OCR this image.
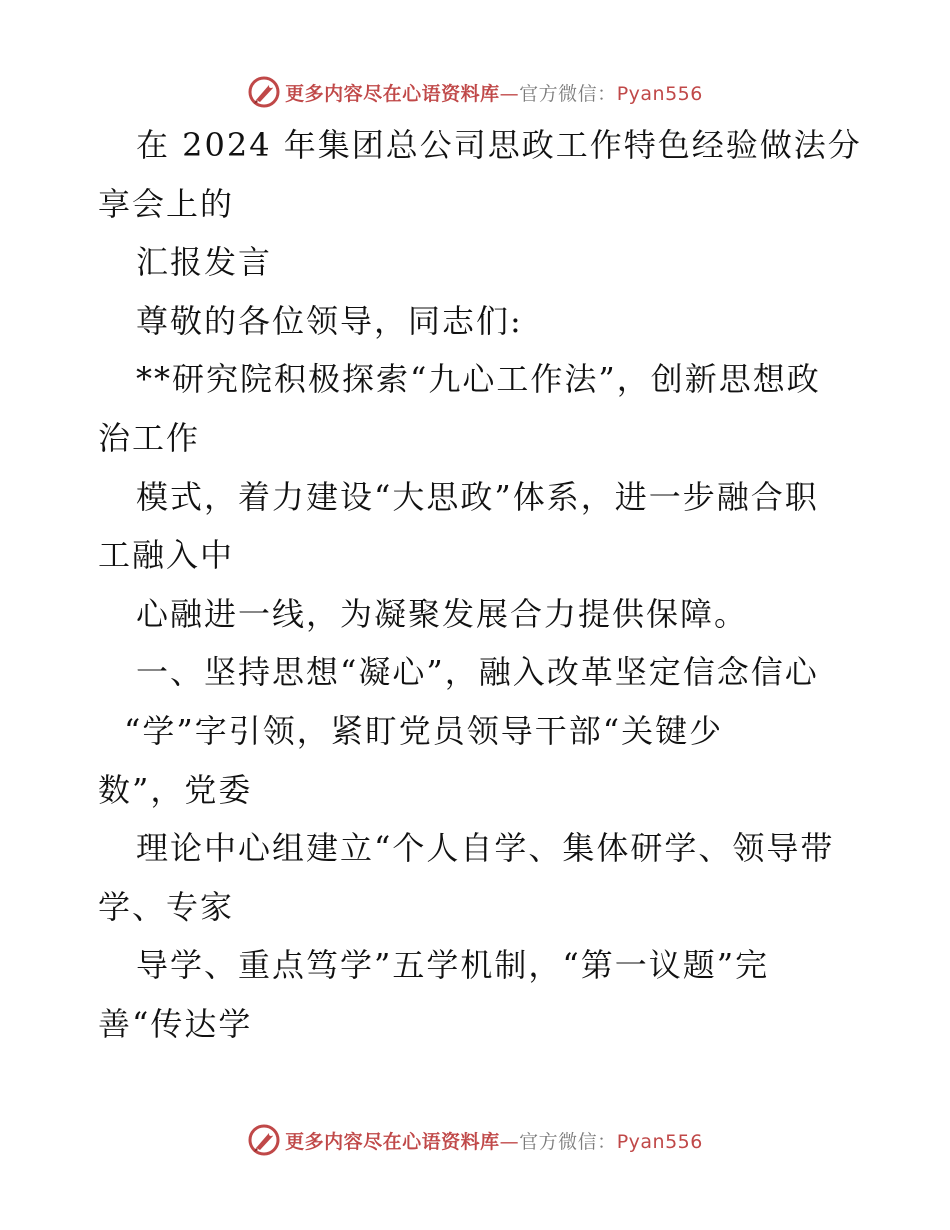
更多内容尽在心语资料库—官方微信：Pyan556
在 2024 年集团总公司思政工作特色经验做法分
享会上的
汇报发言
尊敬的各位领导，同志们:
**研究院积极探索“九心工作法”，创新思想政
治工作
模式，着力建设“大思政”体系，进一步融合职
工融入中
心融进一线，为凝聚发展合力提供保障。
一、坚持思想“凝心”，融入改革坚定信念信心
“学”字引领，紧盯党员领导干部“关键少
数”，党委
理论中心组建立“个人自学、集体研学、领导带
学、专家
导学、重点笃学”五学机制，“第一议题”完
善“传达学
更多内容尽在心语资料库—官方微信：Pyan556
